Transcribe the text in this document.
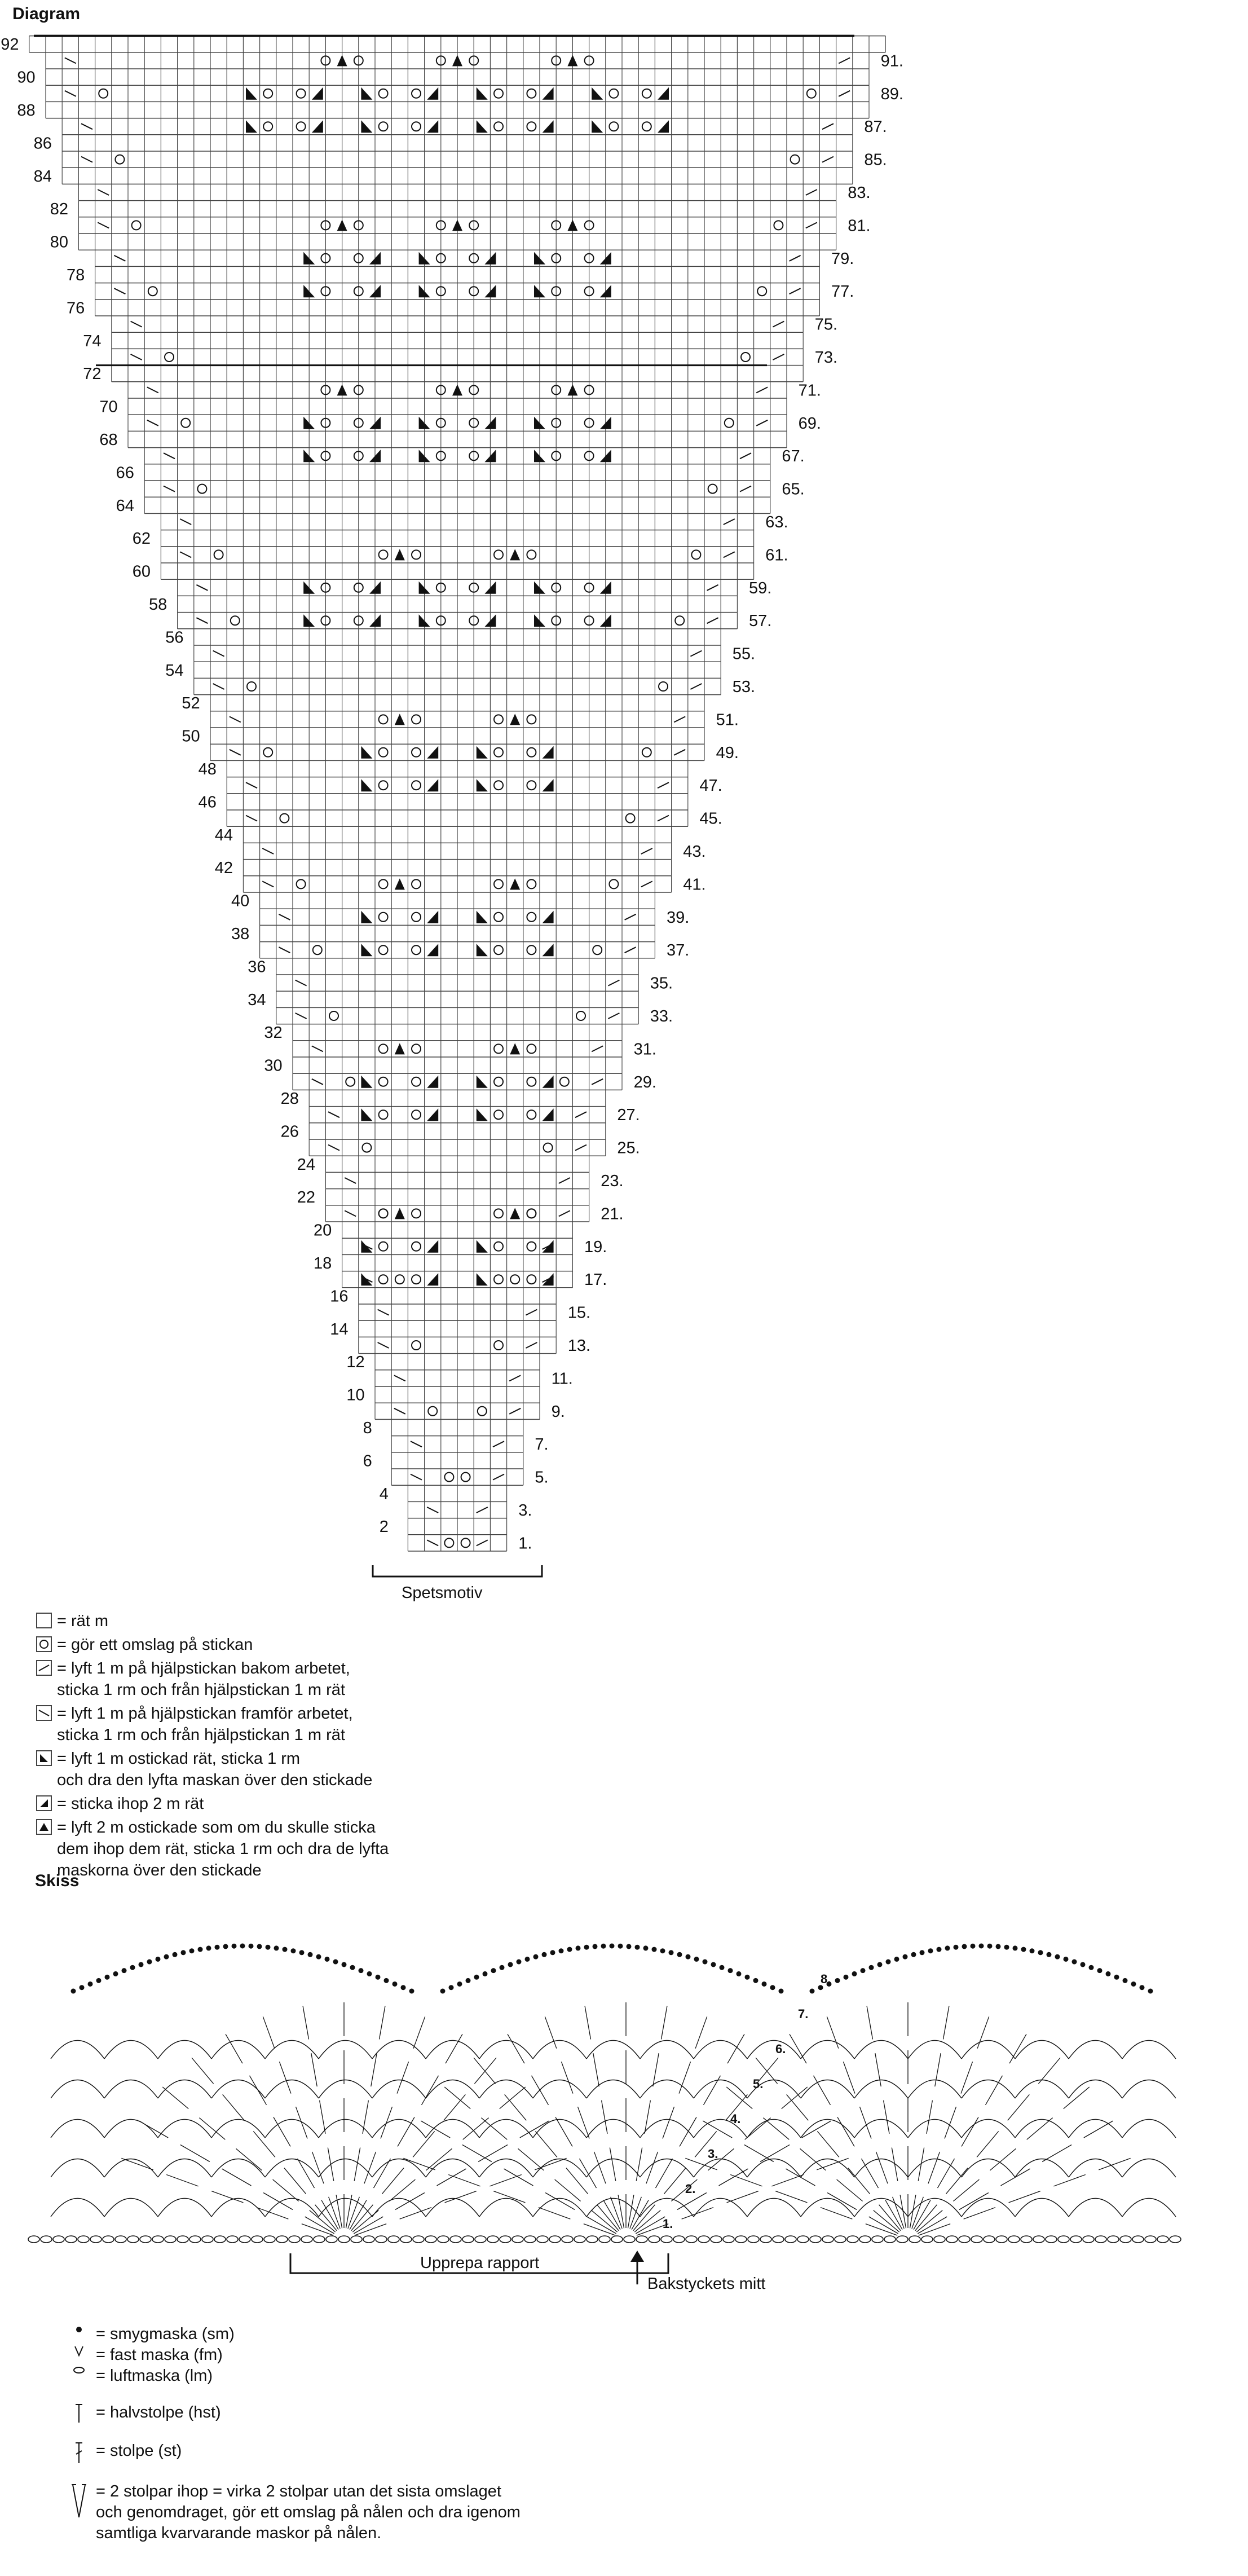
Diagram
1.
2
3.
4
5.
6
7.
8
9.
10
11.
12
13.
14
15.
16
17.
18
19.
20
21.
22
23.
24
25.
26
27.
28
29.
30
31.
32
33.
34
35.
36
37.
38
39.
40
41.
42
43.
44
45.
46
47.
48
49.
50
51.
52
53.
54
55.
56
57.
58
59.
60
61.
62
63.
64
65.
66
67.
68
69.
70
71.
72
73.
74
75.
76
77.
78
79.
80
81.
82
83.
84
85.
86
87.
88
89.
90
91.
92
Spetsmotiv
= rät m
= gör ett omslag på stickan
= lyft 1 m på hjälpstickan bakom arbetet,
sticka 1 rm och från hjälpstickan 1 m rät
= lyft 1 m på hjälpstickan framför arbetet,
sticka 1 rm och från hjälpstickan 1 m rät
= lyft 1 m ostickad rät, sticka 1 rm
och dra den lyfta maskan över den stickade
= sticka ihop 2 m rät
= lyft 2 m ostickade som om du skulle sticka
dem ihop dem rät, sticka 1 rm och dra de lyfta
maskorna över den stickade
Skiss
1.
2.
3.
4.
5.
6.
7.
8.
Upprepa rapport
Bakstyckets mitt
= smygmaska (sm)
= fast maska (fm)
= luftmaska (lm)
= halvstolpe (hst)
= stolpe (st)
= 2 stolpar ihop = virka 2 stolpar utan det sista omslaget
och genomdraget, gör ett omslag på nålen och dra igenom
samtliga kvarvarande maskor på nålen.
